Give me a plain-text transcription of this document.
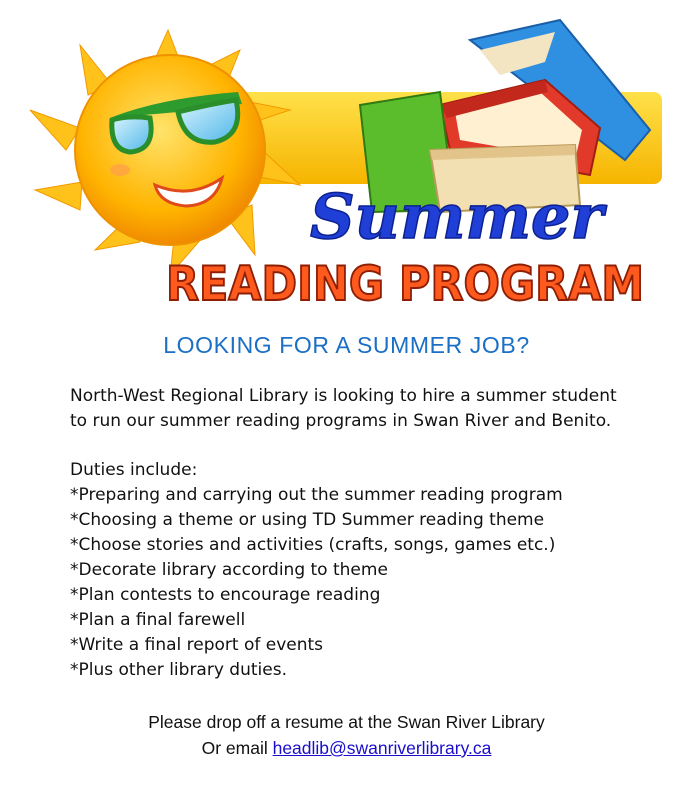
Summer
READING PROGRAM
LOOKING FOR A SUMMER JOB?
North-West Regional Library is looking to hire a summer student
to run our summer reading programs in Swan River and Benito.
Duties include:
*Preparing and carrying out the summer reading program
*Choosing a theme or using TD Summer reading theme
*Choose stories and activities (crafts, songs, games etc.)
*Decorate library according to theme
*Plan contests to encourage reading
*Plan a final farewell
*Write a final report of events
*Plus other library duties.
Please drop off a resume at the Swan River Library
Or email headlib@swanriverlibrary.ca
